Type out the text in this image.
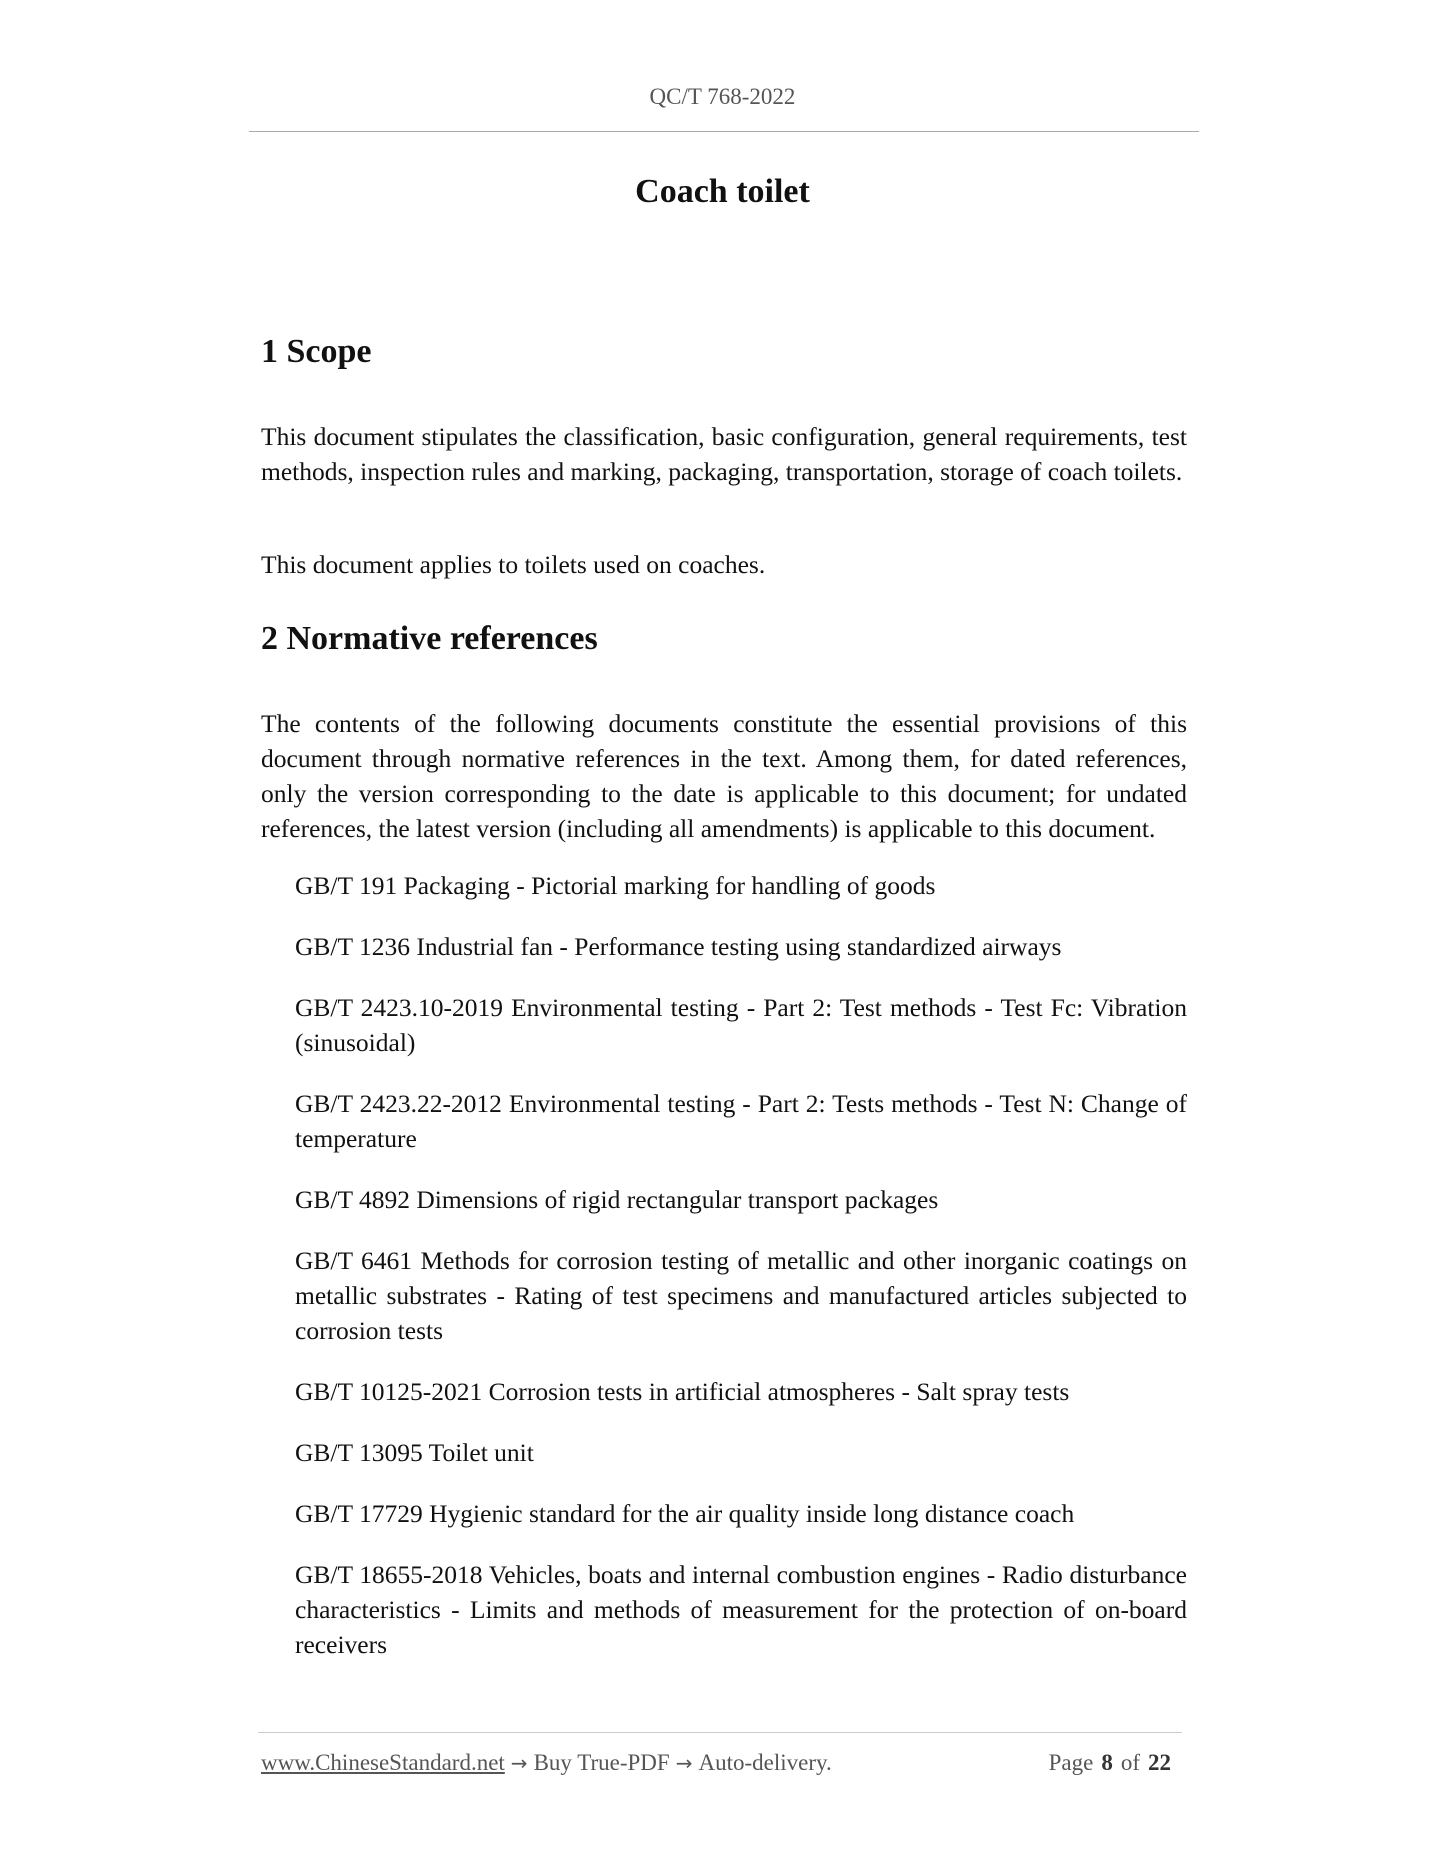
QC/T 768-2022
Coach toilet
1 Scope

This document stipulates the classification, basic configuration, general requirements, test methods, inspection rules and marking, packaging, transportation, storage of coach toilets.

This document applies to toilets used on coaches.

2 Normative references

The contents of the following documents constitute the essential provisions of this document through normative references in the text. Among them, for dated references, only the version corresponding to the date is applicable to this document; for undated references, the latest version (including all amendments) is applicable to this document.

GB/T 191 Packaging - Pictorial marking for handling of goods
GB/T 1236 Industrial fan - Performance testing using standardized airways
GB/T 2423.10-2019 Environmental testing - Part 2: Test methods - Test Fc: Vibration (sinusoidal)
GB/T 2423.22-2012 Environmental testing - Part 2: Tests methods - Test N: Change of temperature
GB/T 4892 Dimensions of rigid rectangular transport packages
GB/T 6461 Methods for corrosion testing of metallic and other inorganic coatings on metallic substrates - Rating of test specimens and manufactured articles subjected to corrosion tests
GB/T 10125-2021 Corrosion tests in artificial atmospheres - Salt spray tests
GB/T 13095 Toilet unit
GB/T 17729 Hygienic standard for the air quality inside long distance coach
GB/T 18655-2018 Vehicles, boats and internal combustion engines - Radio disturbance characteristics - Limits and methods of measurement for the protection of on-board receivers
www.ChineseStandard.net → Buy True-PDF → Auto-delivery.	Page 8 of 22
